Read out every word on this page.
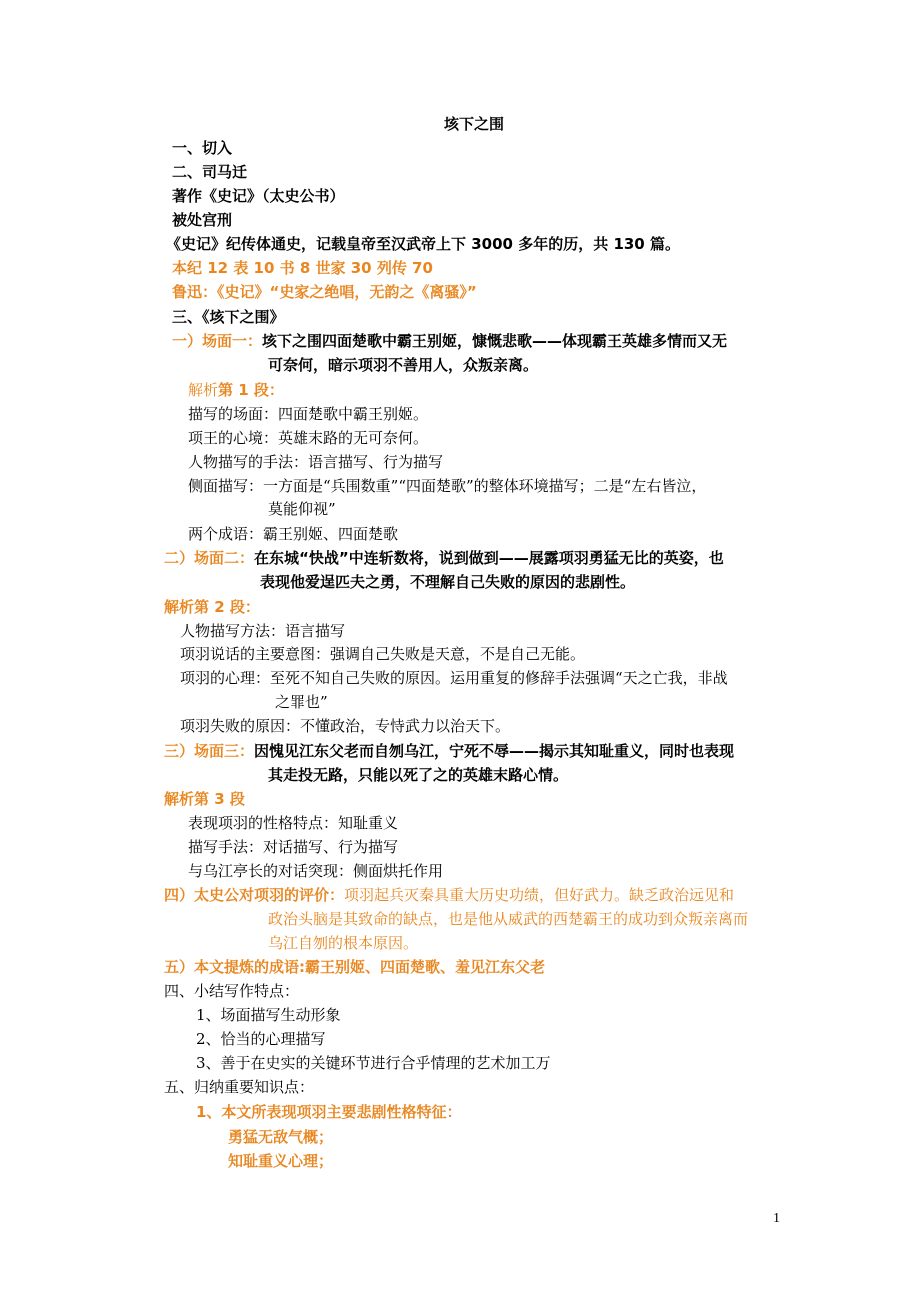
垓下之围
一、切入
二、司马迁
著作《史记》（太史公书）
被处宫刑
《史记》纪传体通史，记载皇帝至汉武帝上下 3000 多年的历，共 130 篇。
本纪 12 表 10 书 8 世家 30 列传 70
鲁迅：《史记》“史家之绝唱，无韵之《离骚》”
三、《垓下之围》
一）场面一：垓下之围四面楚歌中霸王别姬，慷慨悲歌——体现霸王英雄多情而又无
可奈何，暗示项羽不善用人，众叛亲离。
解析第 1 段：
描写的场面：四面楚歌中霸王别姬。
项王的心境：英雄末路的无可奈何。
人物描写的手法：语言描写、行为描写
侧面描写：一方面是“兵围数重”“四面楚歌”的整体环境描写；二是“左右皆泣，
莫能仰视”
两个成语：霸王别姬、四面楚歌
二）场面二：在东城“快战”中连斩数将，说到做到——展露项羽勇猛无比的英姿，也
表现他爱逞匹夫之勇，不理解自己失败的原因的悲剧性。
解析第 2 段：
人物描写方法：语言描写
项羽说话的主要意图：强调自己失败是天意，不是自己无能。
项羽的心理：至死不知自己失败的原因。运用重复的修辞手法强调“天之亡我，非战
之罪也”
项羽失败的原因：不懂政治，专恃武力以治天下。
三）场面三：因愧见江东父老而自刎乌江，宁死不辱——揭示其知耻重义，同时也表现
其走投无路，只能以死了之的英雄末路心情。
解析第 3 段
表现项羽的性格特点：知耻重义
描写手法：对话描写、行为描写
与乌江亭长的对话突现：侧面烘托作用
四）太史公对项羽的评价：项羽起兵灭秦具重大历史功绩，但好武力。缺乏政治远见和
政治头脑是其致命的缺点，也是他从威武的西楚霸王的成功到众叛亲离而
乌江自刎的根本原因。
五）本文提炼的成语:霸王别姬、四面楚歌、羞见江东父老
四、小结写作特点：
1、场面描写生动形象
2、恰当的心理描写
3、善于在史实的关键环节进行合乎情理的艺术加工万
五、归纳重要知识点：
1、本文所表现项羽主要悲剧性格特征：
勇猛无敌气概；
知耻重义心理；
1
